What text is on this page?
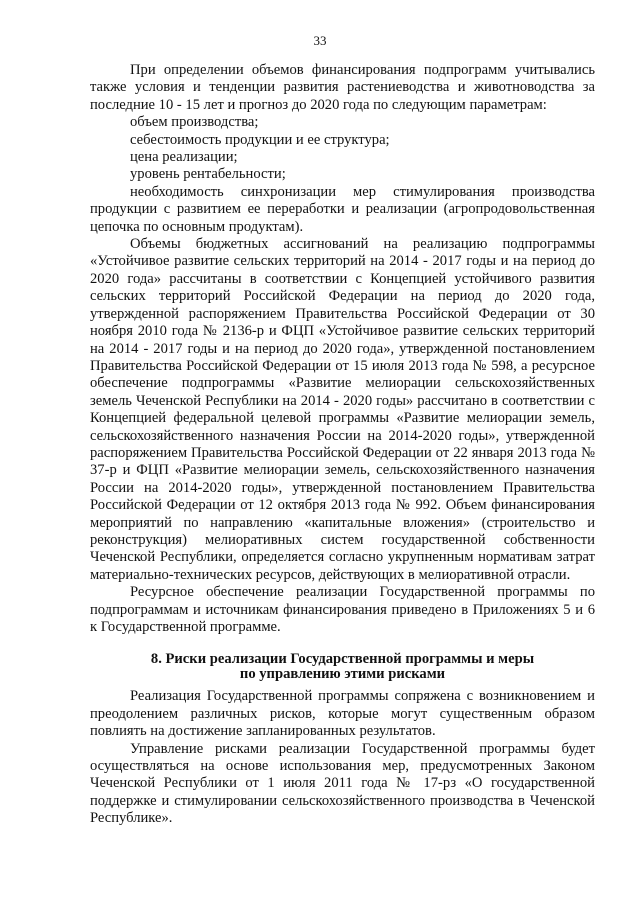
33

При определении объемов финансирования подпрограмм учитывались также условия и тенденции развития растениеводства и животноводства за последние 10 - 15 лет и прогноз до 2020 года по следующим параметрам:

объем производства;

себестоимость продукции и ее структура;

цена реализации;

уровень рентабельности;

необходимость синхронизации мер стимулирования производства продукции с развитием ее переработки и реализации (агропродовольственная цепочка по основным продуктам).

Объемы бюджетных ассигнований на реализацию подпрограммы «Устойчивое развитие сельских территорий на 2014 - 2017 годы и на период до 2020 года» рассчитаны в соответствии с Концепцией устойчивого развития сельских территорий Российской Федерации на период до 2020 года, утвержденной распоряжением Правительства Российской Федерации от 30 ноября 2010 года № 2136-р и ФЦП «Устойчивое развитие сельских территорий на 2014 - 2017 годы и на период до 2020 года», утвержденной постановлением Правительства Российской Федерации от 15 июля 2013 года № 598, а ресурсное обеспечение подпрограммы «Развитие мелиорации сельскохозяйственных земель Чеченской Республики на 2014 - 2020 годы» рассчитано в соответствии с Концепцией федеральной целевой программы «Развитие мелиорации земель, сельскохозяйственного назначения России на 2014-2020 годы», утвержденной распоряжением Правительства Российской Федерации от 22 января 2013 года № 37-р и ФЦП «Развитие мелиорации земель, сельскохозяйственного назначения России на 2014-2020 годы», утвержденной постановлением Правительства Российской Федерации от 12 октября 2013 года № 992. Объем финансирования мероприятий по направлению «капитальные вложения» (строительство и реконструкция) мелиоративных систем государственной собственности Чеченской Республики, определяется согласно укрупненным нормативам затрат материально-технических ресурсов, действующих в мелиоративной отрасли.

Ресурсное обеспечение реализации Государственной программы по подпрограммам и источникам финансирования приведено в Приложениях 5 и 6 к Государственной программе.

8. Риски реализации Государственной программы и меры
по управлению этими рисками

Реализация Государственной программы сопряжена с возникновением и преодолением различных рисков, которые могут существенным образом повлиять на достижение запланированных результатов.

Управление рисками реализации Государственной программы будет осуществляться на основе использования мер, предусмотренных Законом Чеченской Республики от 1 июля 2011 года № 17-рз «О государственной поддержке и стимулировании сельскохозяйственного производства в Чеченской Республике».
